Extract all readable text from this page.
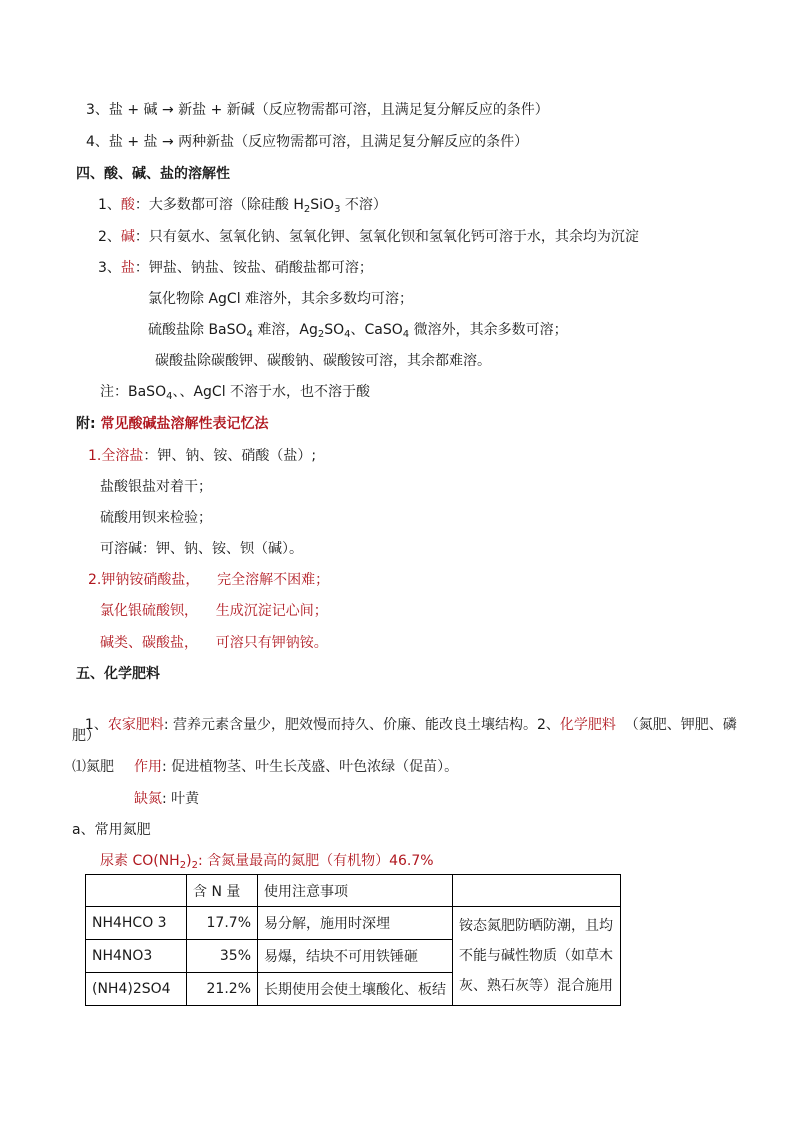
3、盐 + 碱 → 新盐 + 新碱（反应物需都可溶，且满足复分解反应的条件）
4、盐 + 盐 → 两种新盐（反应物需都可溶，且满足复分解反应的条件）
四、酸、碱、盐的溶解性
1、酸：大多数都可溶（除硅酸 $H_2SiO_3$ 不溶）
2、碱：只有氨水、氢氧化钠、氢氧化钾、氢氧化钡和氢氧化钙可溶于水，其余均为沉淀
3、盐：钾盐、钠盐、铵盐、硝酸盐都可溶；
氯化物除 AgCl 难溶外，其余多数均可溶；
硫酸盐除 BaSO$_4$ 难溶，$Ag_2SO_4$、CaSO$_4$ 微溶外，其余多数可溶；
碳酸盐除碳酸钾、碳酸钠、碳酸铵可溶，其余都难溶。
注：BaSO$_4$、、AgCl 不溶于水，也不溶于酸
附: 常见酸碱盐溶解性表记忆法
1.全溶盐：钾、钠、铵、硝酸（盐）;
盐酸银盐对着干；
硫酸用钡来检验；
可溶碱：钾、钠、铵、钡（碱）。
2.钾钠铵硝酸盐，    完全溶解不困难；
氯化银硫酸钡，    生成沉淀记心间；
碱类、碳酸盐，    可溶只有钾钠铵。
五、化学肥料

1、农家肥料: 营养元素含量少，肥效慢而持久、价廉、能改良土壤结构。2、化学肥料  （氮肥、钾肥、磷

肥）
⑴氮肥 作用: 促进植物茎、叶生长茂盛、叶色浓绿（促苗）。
缺氮: 叶黄
a、常用氮肥
尿素 $CO(NH_2)_2$: 含氮量最高的氮肥（有机物）46.7%
	含 N 量	使用注意事项	
NH4HCO 3	17.7%	易分解，施用时深埋	铵态氮肥防晒防潮，且均不能与碱性物质（如草木灰、熟石灰等）混合施用
NH4NO3	35%	易爆，结块不可用铁锤砸	
(NH4)2SO4	21.2%	长期使用会使土壤酸化、板结	
